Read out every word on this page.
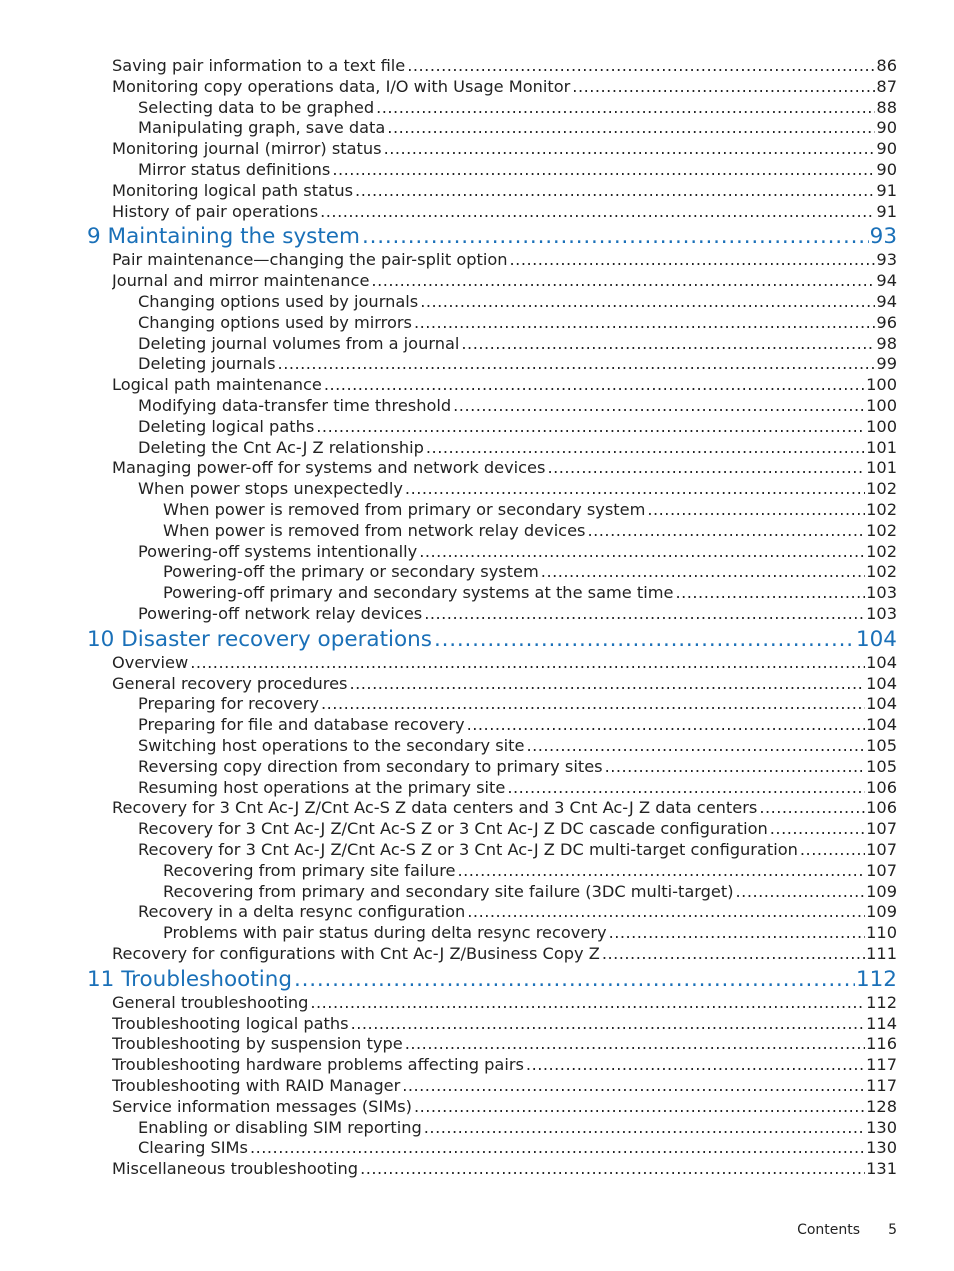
Saving pair information to a text file .....	86
Monitoring copy operations data, I/O with Usage Monitor .....	87
Selecting data to be graphed .....	88
Manipulating graph, save data .....	90
Monitoring journal (mirror) status .....	90
Mirror status definitions .....	90
Monitoring logical path status .....	91
History of pair operations .....	91
9 Maintaining the system .....	93
Pair maintenance—changing the pair-split option .....	93
Journal and mirror maintenance .....	94
Changing options used by journals .....	94
Changing options used by mirrors .....	96
Deleting journal volumes from a journal .....	98
Deleting journals .....	99
Logical path maintenance .....	100
Modifying data-transfer time threshold .....	100
Deleting logical paths .....	100
Deleting the Cnt Ac-J Z relationship .....	101
Managing power-off for systems and network devices .....	101
When power stops unexpectedly .....	102
When power is removed from primary or secondary system .....	102
When power is removed from network relay devices .....	102
Powering-off systems intentionally .....	102
Powering-off the primary or secondary system .....	102
Powering-off primary and secondary systems at the same time .....	103
Powering-off network relay devices .....	103
10 Disaster recovery operations .....	104
Overview .....	104
General recovery procedures .....	104
Preparing for recovery .....	104
Preparing for file and database recovery .....	104
Switching host operations to the secondary site .....	105
Reversing copy direction from secondary to primary sites .....	105
Resuming host operations at the primary site .....	106
Recovery for 3 Cnt Ac-J Z/Cnt Ac-S Z data centers and 3 Cnt Ac-J Z data centers .....	106
Recovery for 3 Cnt Ac-J Z/Cnt Ac-S Z or 3 Cnt Ac-J Z DC cascade configuration .....	107
Recovery for 3 Cnt Ac-J Z/Cnt Ac-S Z or 3 Cnt Ac-J Z DC multi-target configuration .....	107
Recovering from primary site failure .....	107
Recovering from primary and secondary site failure (3DC multi-target) .....	109
Recovery in a delta resync configuration .....	109
Problems with pair status during delta resync recovery .....	110
Recovery for configurations with Cnt Ac-J Z/Business Copy Z .....	111
11 Troubleshooting .....	112
General troubleshooting .....	112
Troubleshooting logical paths .....	114
Troubleshooting by suspension type .....	116
Troubleshooting hardware problems affecting pairs .....	117
Troubleshooting with RAID Manager .....	117
Service information messages (SIMs) .....	128
Enabling or disabling SIM reporting .....	130
Clearing SIMs .....	130
Miscellaneous troubleshooting .....	131
Contents 5
